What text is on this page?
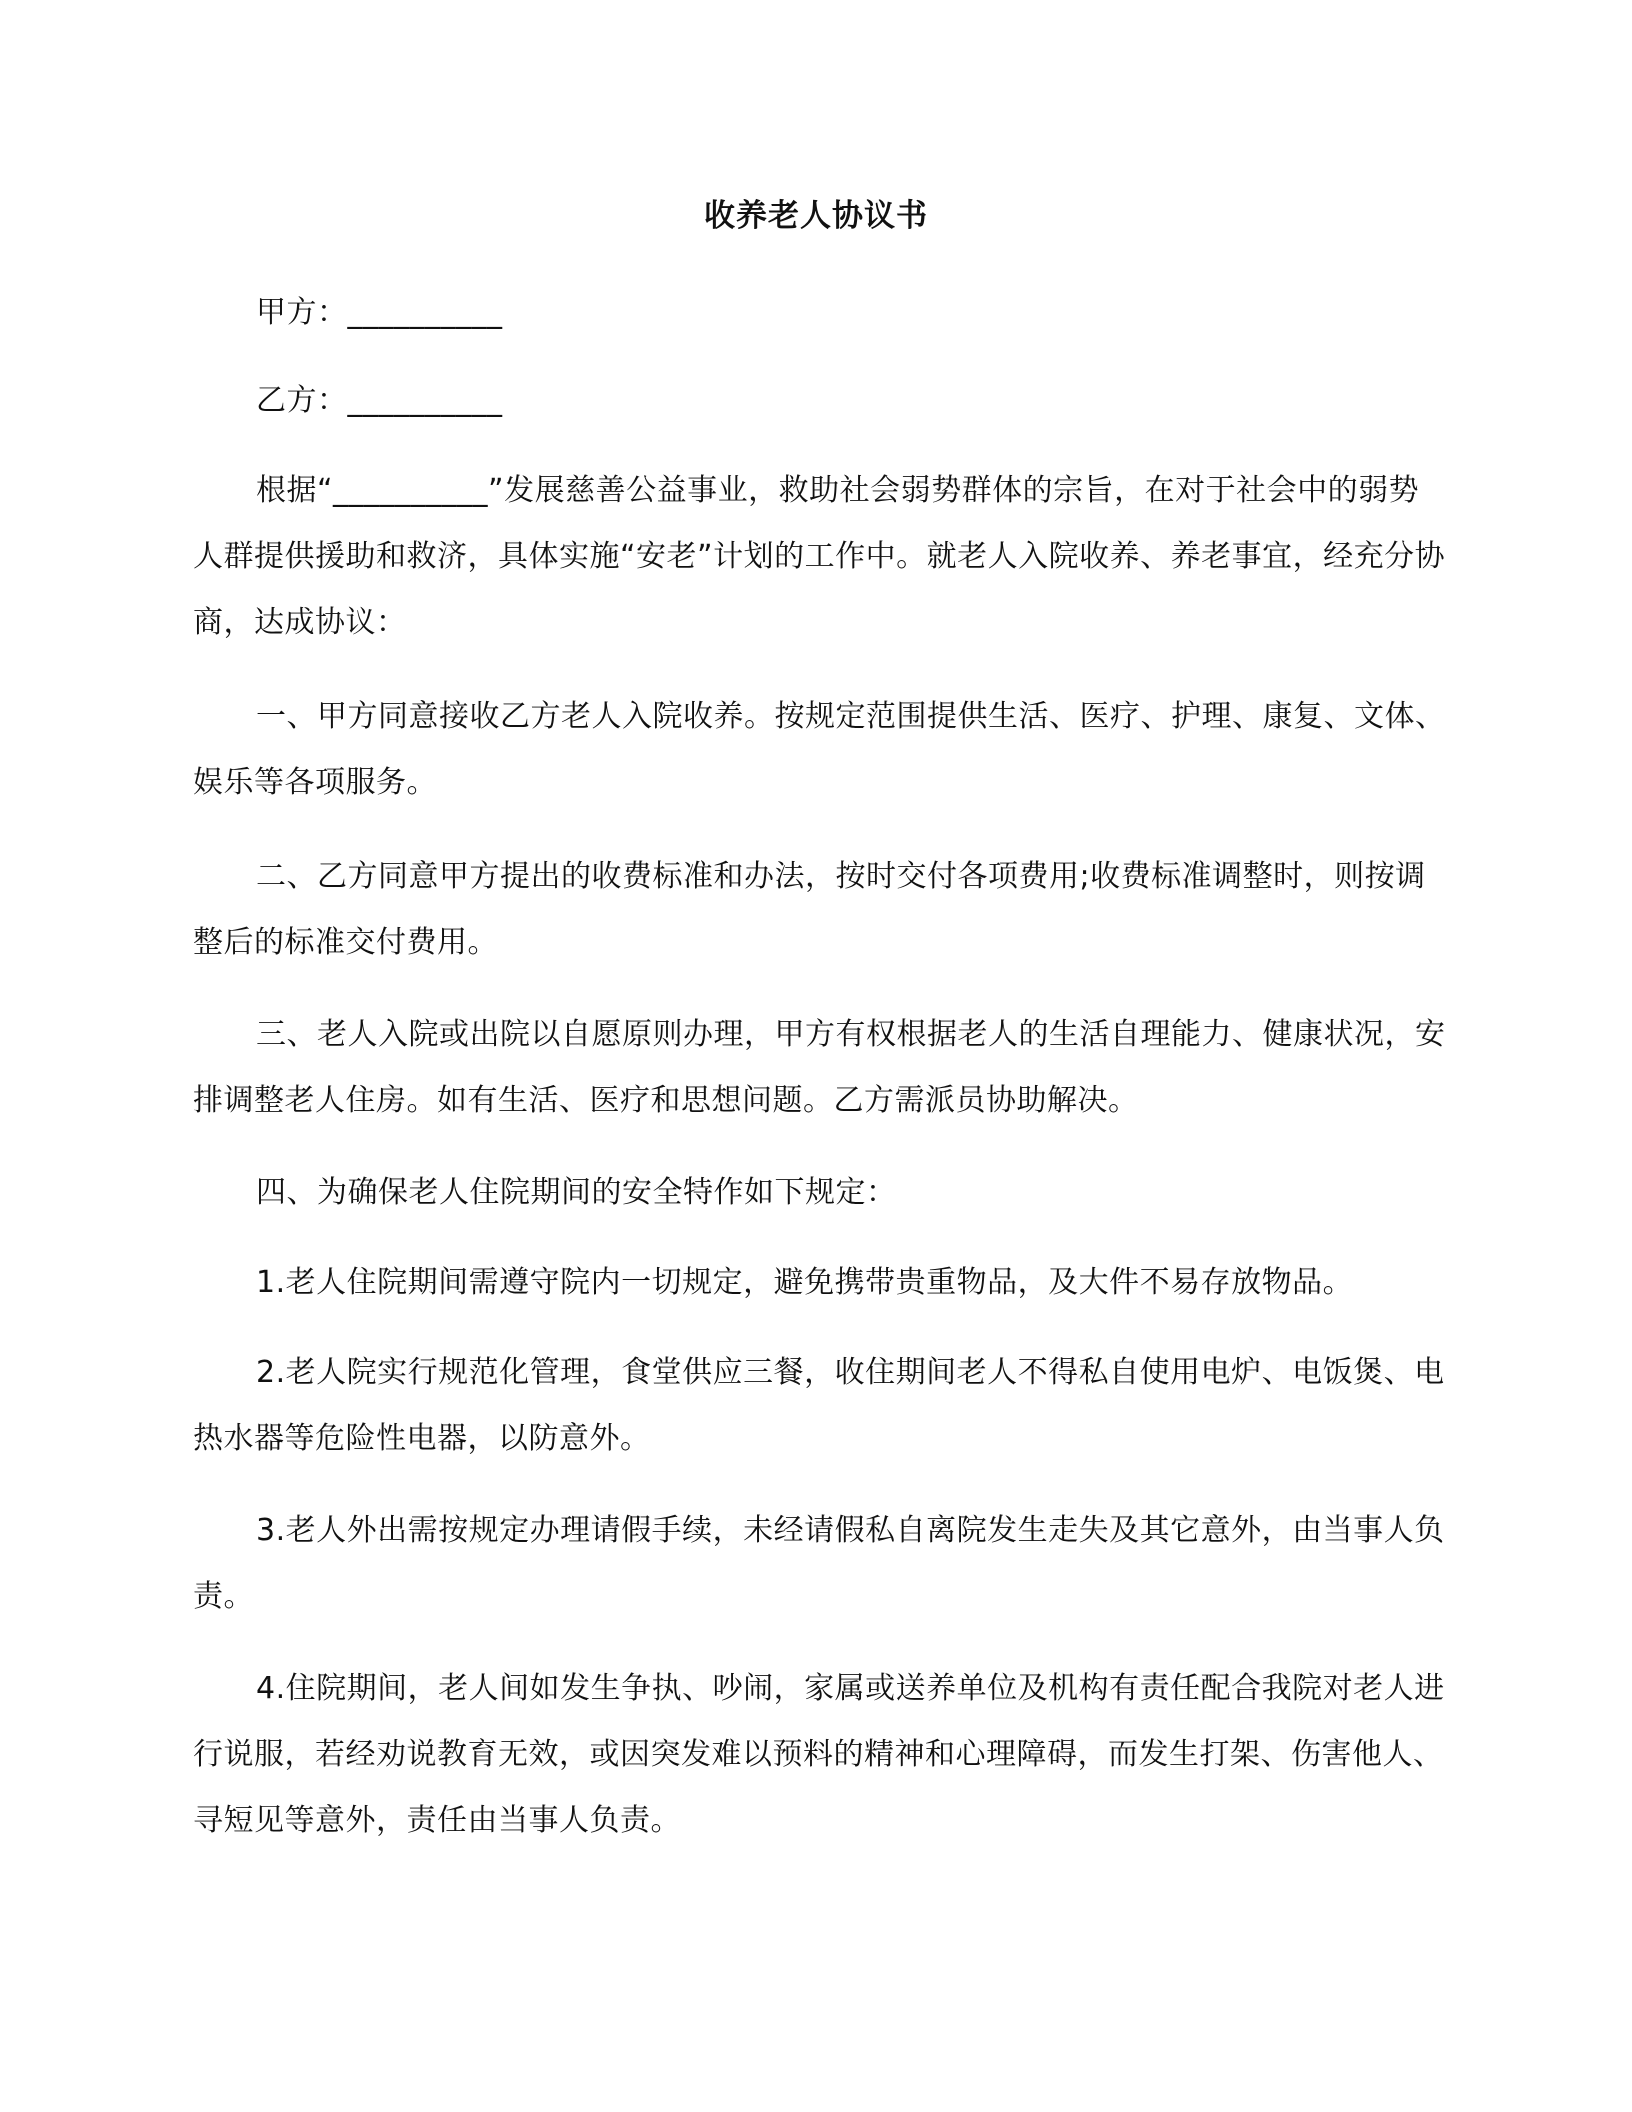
收养老人协议书

甲方：__________

乙方：__________

根据“__________”发展慈善公益事业，救助社会弱势群体的宗旨，在对于社会中的弱势人群提供援助和救济，具体实施“安老”计划的工作中。就老人入院收养、养老事宜，经充分协商，达成协议：

一、甲方同意接收乙方老人入院收养。按规定范围提供生活、医疗、护理、康复、文体、娱乐等各项服务。

二、乙方同意甲方提出的收费标准和办法，按时交付各项费用;收费标准调整时，则按调整后的标准交付费用。

三、老人入院或出院以自愿原则办理，甲方有权根据老人的生活自理能力、健康状况，安排调整老人住房。如有生活、医疗和思想问题。乙方需派员协助解决。

四、为确保老人住院期间的安全特作如下规定：

1.老人住院期间需遵守院内一切规定，避免携带贵重物品，及大件不易存放物品。

2.老人院实行规范化管理，食堂供应三餐，收住期间老人不得私自使用电炉、电饭煲、电热水器等危险性电器，以防意外。

3.老人外出需按规定办理请假手续，未经请假私自离院发生走失及其它意外，由当事人负责。

4.住院期间，老人间如发生争执、吵闹，家属或送养单位及机构有责任配合我院对老人进行说服，若经劝说教育无效，或因突发难以预料的精神和心理障碍，而发生打架、伤害他人、寻短见等意外，责任由当事人负责。
